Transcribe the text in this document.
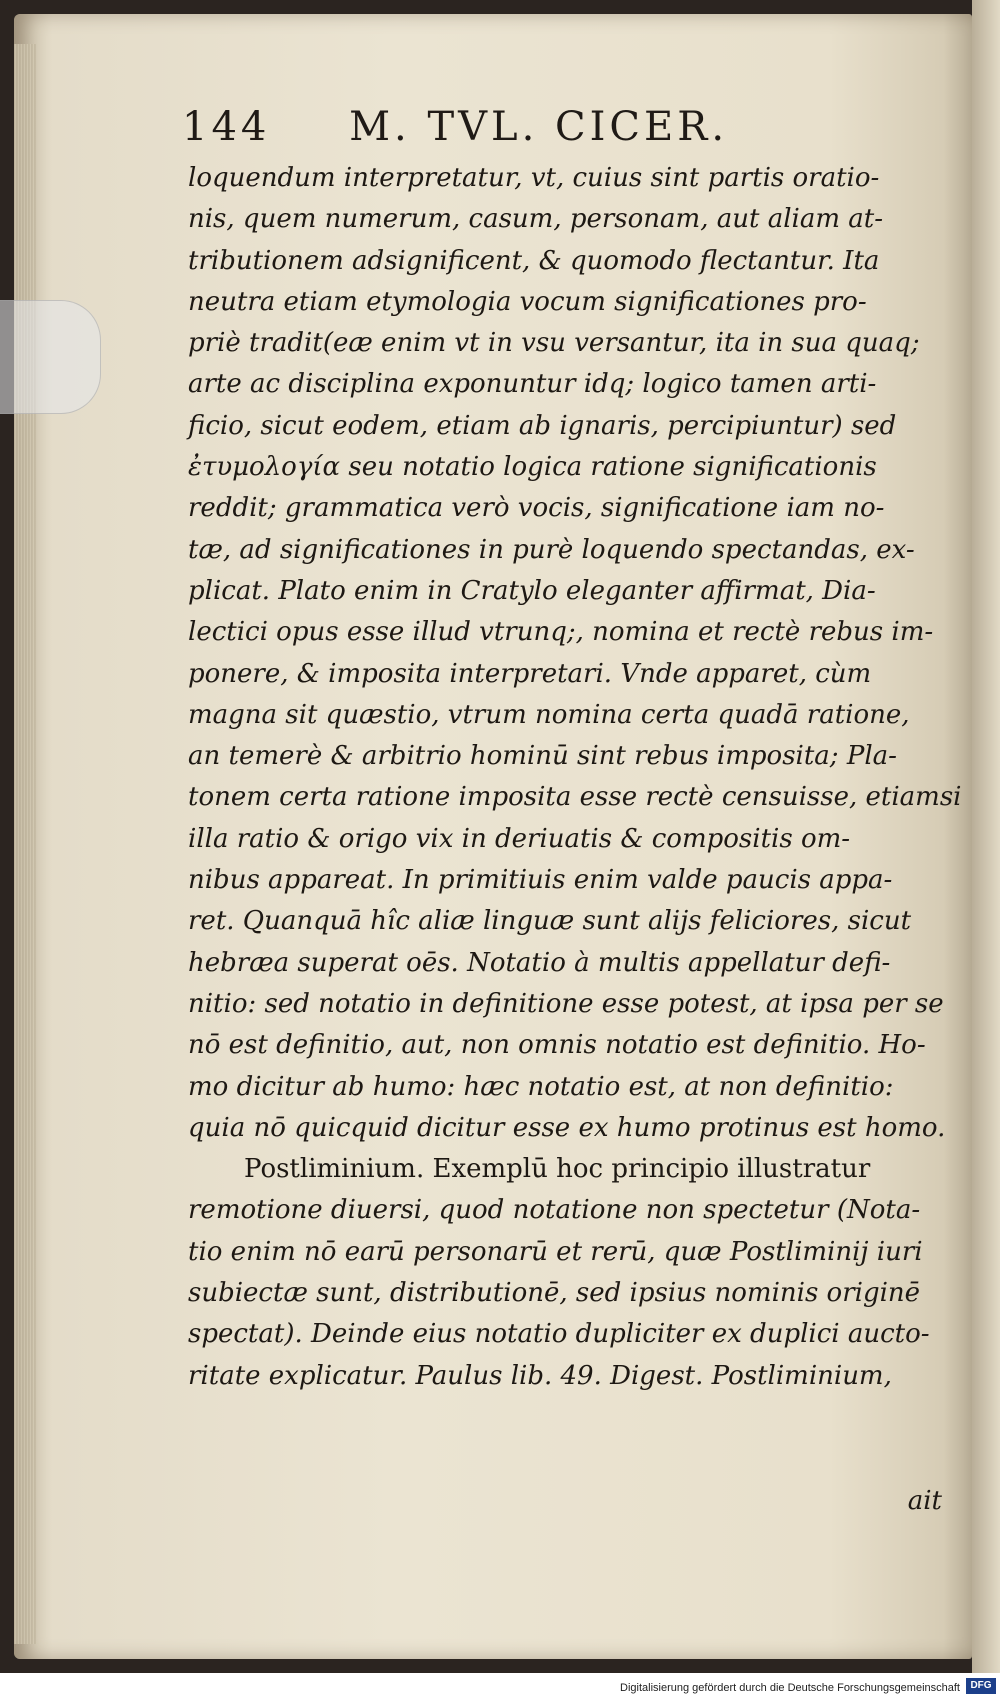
144 M. TVL. CICER.
loquendum interpretatur, vt, cuius sint partis oratio-
nis, quem numerum, casum, personam, aut aliam at-
tributionem adsignificent, & quomodo flectantur. Ita
neutra etiam etymologia vocum significationes pro-
priè tradit(eæ enim vt in vsu versantur, ita in sua quaq;
arte ac disciplina exponuntur idq; logico tamen arti-
ficio, sicut eodem, etiam ab ignaris, percipiuntur) sed
ἐτυμολογία seu notatio logica ratione significationis
reddit; grammatica verò vocis, significatione iam no-
tæ, ad significationes in purè loquendo spectandas, ex-
plicat. Plato enim in Cratylo eleganter affirmat, Dia-
lectici opus esse illud vtrunq;, nomina et rectè rebus im-
ponere, & imposita interpretari. Vnde apparet, cùm
magna sit quæstio, vtrum nomina certa quadā ratione,
an temerè & arbitrio hominū sint rebus imposita; Pla-
tonem certa ratione imposita esse rectè censuisse, etiamsi
illa ratio & origo vix in deriuatis & compositis om-
nibus appareat. In primitiuis enim valde paucis appa-
ret. Quanquā hîc aliæ linguæ sunt alijs feliciores, sicut
hebræa superat oēs. Notatio à multis appellatur defi-
nitio: sed notatio in definitione esse potest, at ipsa per se
nō est definitio, aut, non omnis notatio est definitio. Ho-
mo dicitur ab humo: hæc notatio est, at non definitio:
quia nō quicquid dicitur esse ex humo protinus est homo.
Postliminium. Exemplū hoc principio illustratur
remotione diuersi, quod notatione non spectetur (Nota-
tio enim nō earū personarū et rerū, quæ Postliminij iuri
subiectæ sunt, distributionē, sed ipsius nominis originē
spectat). Deinde eius notatio dupliciter ex duplici aucto-
ritate explicatur. Paulus lib. 49. Digest. Postliminium,
ait
Digitalisierung gefördert durch die Deutsche Forschungsgemeinschaft	DFG
